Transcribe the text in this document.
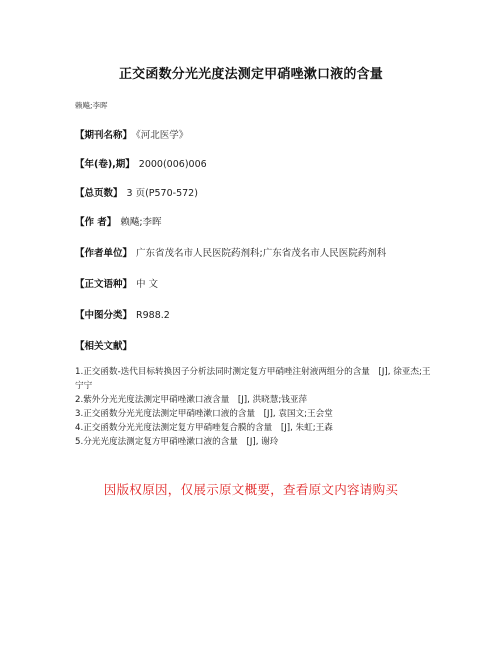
正交函数分光光度法测定甲硝唑漱口液的含量
赖飚;李晖
【期刊名称】 《河北医学》
【年(卷),期】 2000(006)006
【总页数】 3 页(P570-572)
【作 者】 赖飚;李晖
【作者单位】 广东省茂名市人民医院药剂科;广东省茂名市人民医院药剂科
【正文语种】 中 文
【中图分类】 R988.2
【相关文献】
1.正交函数-迭代目标转换因子分析法同时测定复方甲硝唑注射液两组分的含量　[J], 徐亚杰;王宁宁
2.紫外分光光度法测定甲硝唑漱口液含量　[J], 洪晓慧;钱亚萍
3.正交函数分光光度法测定甲硝唑漱口液的含量　[J], 袁国文;王会堂
4.正交函数分光光度法测定复方甲硝唑复合膜的含量　[J], 朱虹;王森
5.分光光度法测定复方甲硝唑漱口液的含量　[J], 谢玲
因版权原因，仅展示原文概要，查看原文内容请购买
